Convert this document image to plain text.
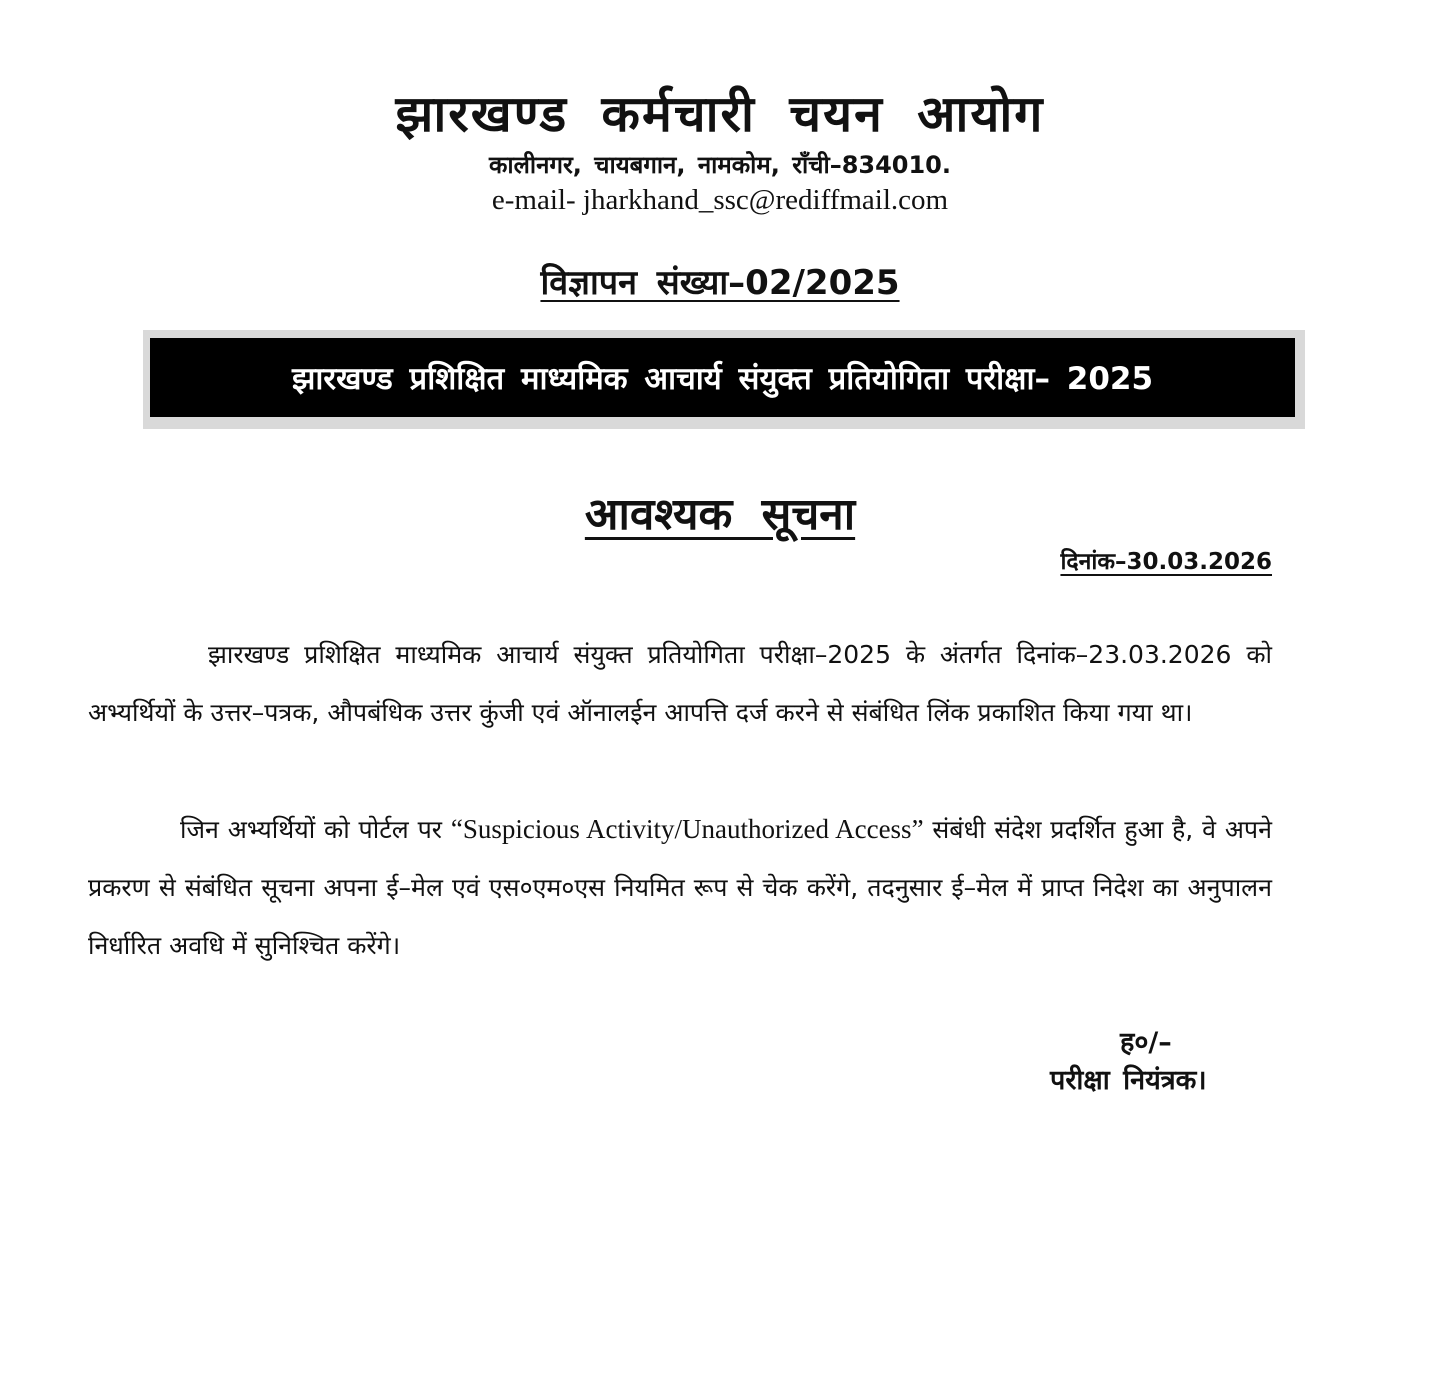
झारखण्ड कर्मचारी चयन आयोग
कालीनगर, चायबगान, नामकोम, राँची–834010.
e-mail- jharkhand_ssc@rediffmail.com
विज्ञापन संख्या–02/2025
झारखण्ड प्रशिक्षित माध्यमिक आचार्य संयुक्त प्रतियोगिता परीक्षा– 2025
आवश्यक सूचना
दिनांक–30.03.2026

झारखण्ड प्रशिक्षित माध्यमिक आचार्य संयुक्त प्रतियोगिता परीक्षा–2025 के अंतर्गत दिनांक–23.03.2026 को अभ्यर्थियों के उत्तर–पत्रक, औपबंधिक उत्तर कुंजी एवं ऑनालईन आपत्ति दर्ज करने से संबंधित लिंक प्रकाशित किया गया था।

जिन अभ्यर्थियों को पोर्टल पर “Suspicious Activity/Unauthorized Access” संबंधी संदेश प्रदर्शित हुआ है, वे अपने प्रकरण से संबंधित सूचना अपना ई–मेल एवं एस०एम०एस नियमित रूप से चेक करेंगे, तदनुसार ई–मेल में प्राप्त निदेश का अनुपालन निर्धारित अवधि में सुनिश्चित करेंगे।

ह०/–
परीक्षा नियंत्रक।
